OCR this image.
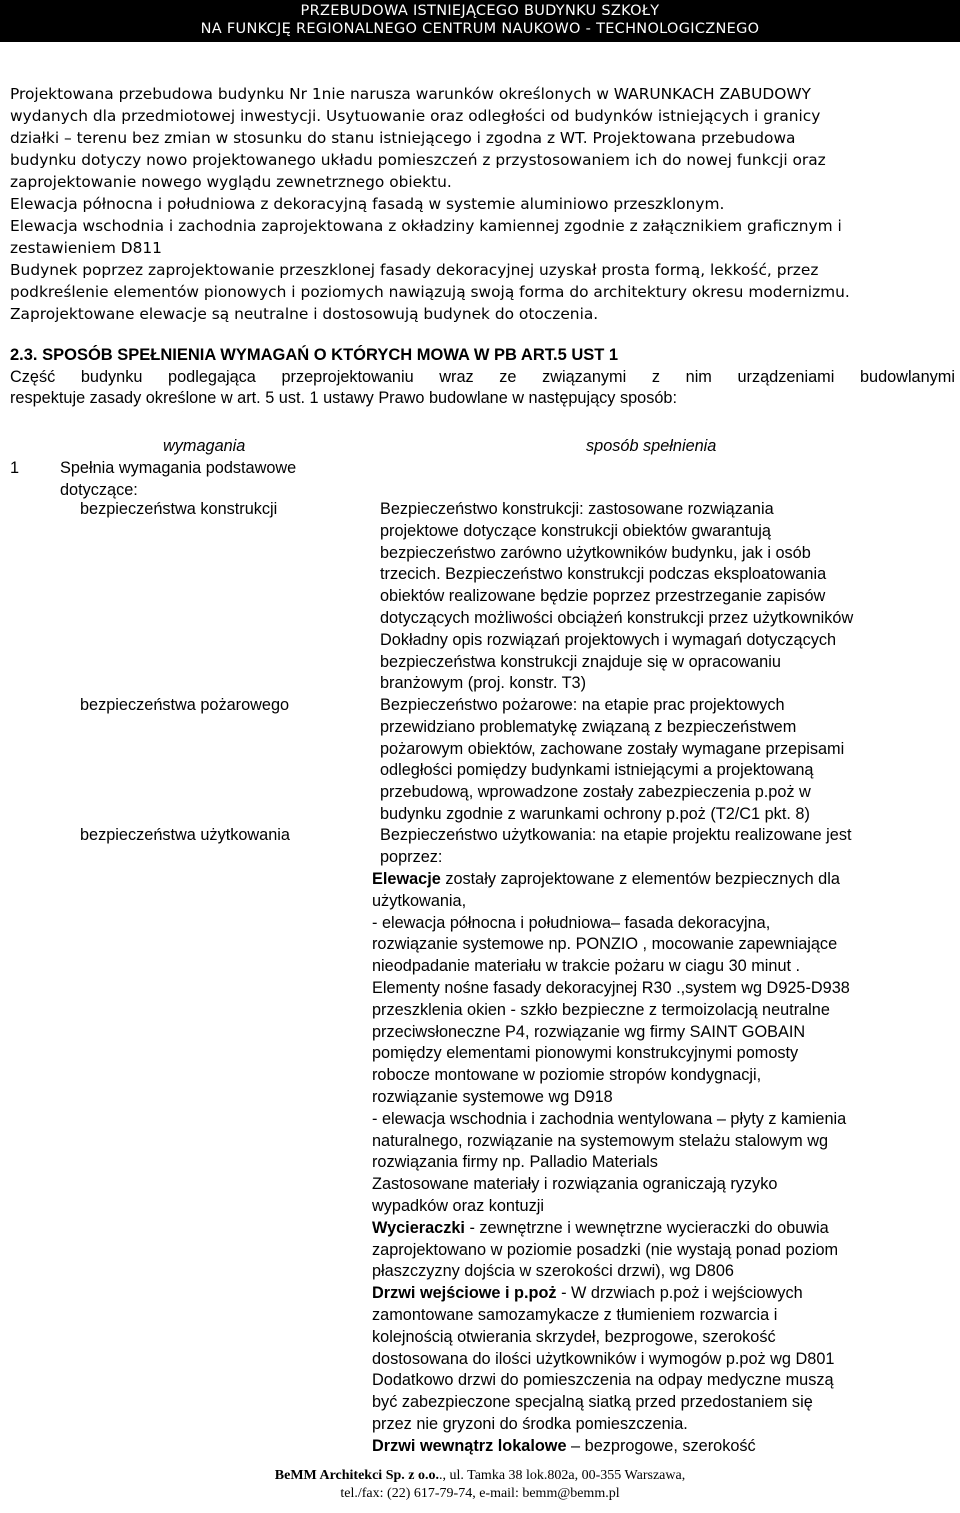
PRZEBUDOWA ISTNIEJĄCEGO BUDYNKU SZKOŁY
NA FUNKCJĘ REGIONALNEGO CENTRUM NAUKOWO - TECHNOLOGICZNEGO

Projektowana przebudowa budynku Nr 1nie narusza warunków określonych w WARUNKACH ZABUDOWY

wydanych dla przedmiotowej inwestycji. Usytuowanie oraz odległości od budynków istniejących i granicy

działki – terenu bez zmian w stosunku do stanu istniejącego i zgodna z WT. Projektowana przebudowa

budynku dotyczy nowo projektowanego układu pomieszczeń z przystosowaniem ich do nowej funkcji oraz

zaprojektowanie nowego wyglądu zewnetrznego obiektu.

Elewacja północna i południowa z dekoracyjną fasadą w systemie aluminiowo przeszklonym.

Elewacja wschodnia i zachodnia zaprojektowana z okładziny kamiennej zgodnie z załącznikiem graficznym i

zestawieniem D811

Budynek poprzez zaprojektowanie przeszklonej fasady dekoracyjnej uzyskał prosta formą, lekkość, przez

podkreślenie elementów pionowych i poziomych nawiązują swoją forma do architektury okresu modernizmu.

Zaprojektowane elewacje są neutralne i dostosowują budynek do otoczenia.

2.3. SPOSÓB SPEŁNIENIA WYMAGAŃ O KTÓRYCH MOWA W PB ART.5 UST 1

Część budynku podlegająca przeprojektowaniu wraz ze związanymi z nim urządzeniami budowlanymi

respektuje zasady określone w art. 5 ust. 1 ustawy Prawo budowlane w następujący sposób:

wymagania	sposób spełnienia
1	Spełnia wymagania podstawowe
dotyczące:
bezpieczeństwa konstrukcji
bezpieczeństwa pożarowego
bezpieczeństwa użytkowania
Bezpieczeństwo konstrukcji: zastosowane rozwiązania
projektowe dotyczące konstrukcji obiektów gwarantują
bezpieczeństwo zarówno użytkowników budynku, jak i osób
trzecich. Bezpieczeństwo konstrukcji podczas eksploatowania
obiektów realizowane będzie poprzez przestrzeganie zapisów
dotyczących możliwości obciążeń konstrukcji przez użytkowników
Dokładny opis rozwiązań projektowych i wymagań dotyczących
bezpieczeństwa konstrukcji znajduje się w opracowaniu
branżowym (proj. konstr. T3)
Bezpieczeństwo pożarowe: na etapie prac projektowych
przewidziano problematykę związaną z bezpieczeństwem
pożarowym obiektów, zachowane zostały wymagane przepisami
odległości pomiędzy budynkami istniejącymi a projektowaną
przebudową, wprowadzone zostały zabezpieczenia p.poż w
budynku zgodnie z warunkami ochrony p.poż (T2/C1 pkt. 8)
Bezpieczeństwo użytkowania: na etapie projektu realizowane jest
poprzez:
Elewacje zostały zaprojektowane z elementów bezpiecznych dla
użytkowania,
- elewacja północna i południowa– fasada dekoracyjna,
rozwiązanie systemowe np. PONZIO , mocowanie zapewniające
nieodpadanie materiału w trakcie pożaru w ciagu 30 minut .
Elementy nośne fasady dekoracyjnej R30 .,system wg D925-D938
przeszklenia okien - szkło bezpieczne z termoizolacją neutralne
przeciwsłoneczne P4, rozwiązanie wg firmy SAINT GOBAIN
pomiędzy elementami pionowymi konstrukcyjnymi pomosty
robocze montowane w poziomie stropów kondygnacji,
rozwiązanie systemowe wg D918
- elewacja wschodnia i zachodnia wentylowana – płyty z kamienia
naturalnego, rozwiązanie na systemowym stelażu stalowym wg
rozwiązania firmy np. Palladio Materials
Zastosowane materiały i rozwiązania ograniczają ryzyko
wypadków oraz kontuzji
Wycieraczki - zewnętrzne i wewnętrzne wycieraczki do obuwia
zaprojektowano w poziomie posadzki (nie wystają ponad poziom
płaszczyzny dojścia w szerokości drzwi), wg D806
Drzwi wejściowe i p.poż - W drzwiach p.poż i wejściowych
zamontowane samozamykacze z tłumieniem rozwarcia i
kolejnością otwierania skrzydeł, bezprogowe, szerokość
dostosowana do ilości użytkowników i wymogów p.poż wg D801
Dodatkowo drzwi do pomieszczenia na odpay medyczne muszą
być zabezpieczone specjalną siatką przed przedostaniem się
przez nie gryzoni do środka pomieszczenia.
Drzwi wewnątrz lokalowe – bezprogowe, szerokość
BeMM Architekci Sp. z o.o.., ul. Tamka 38 lok.802a, 00-355 Warszawa,
tel./fax: (22) 617-79-74, e-mail: bemm@bemm.pl
